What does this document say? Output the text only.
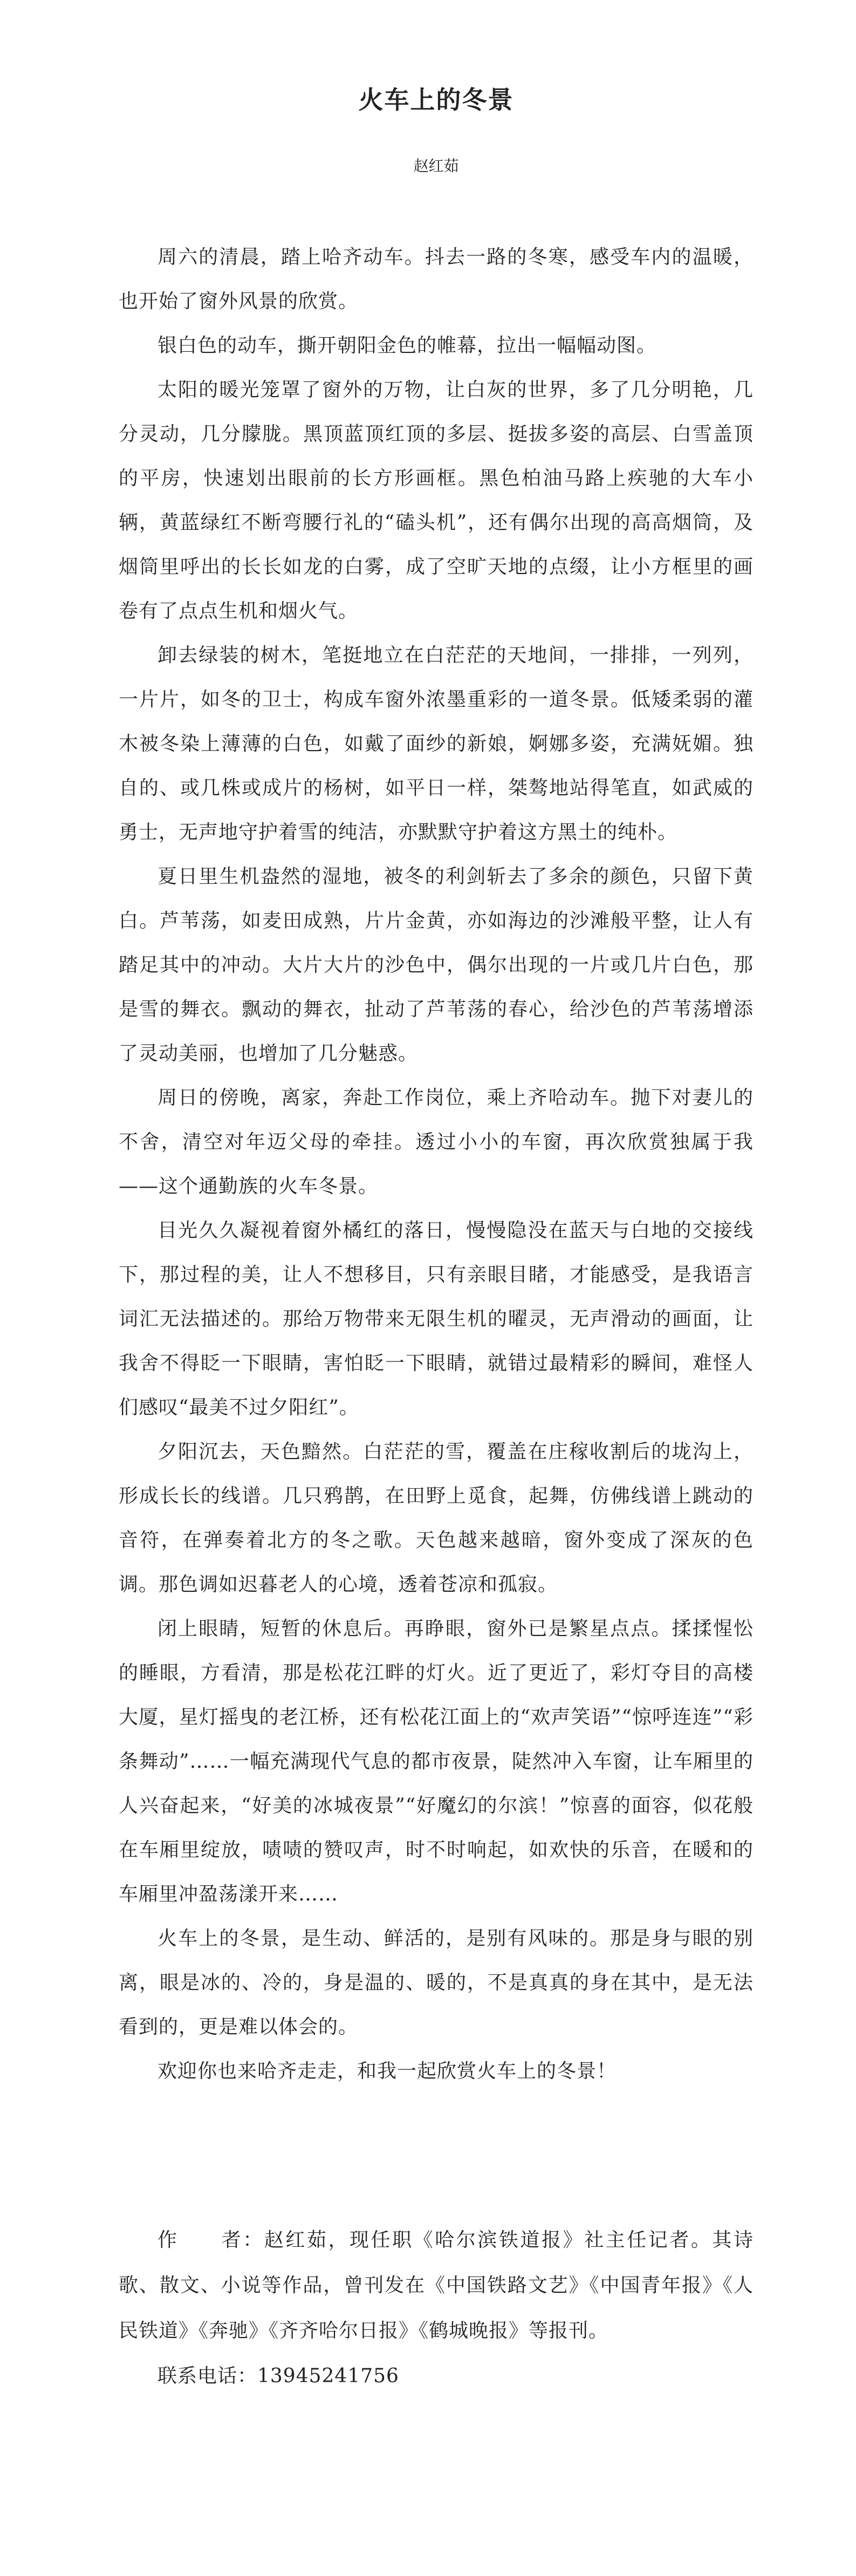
火车上的冬景
赵红茹

周六的清晨，踏上哈齐动车。抖去一路的冬寒，感受车内的温暖，也开始了窗外风景的欣赏。

银白色的动车，撕开朝阳金色的帷幕，拉出一幅幅动图。

太阳的暖光笼罩了窗外的万物，让白灰的世界，多了几分明艳，几分灵动，几分朦胧。黑顶蓝顶红顶的多层、挺拔多姿的高层、白雪盖顶的平房，快速划出眼前的长方形画框。黑色柏油马路上疾驰的大车小辆，黄蓝绿红不断弯腰行礼的“磕头机”，还有偶尔出现的高高烟筒，及烟筒里呼出的长长如龙的白雾，成了空旷天地的点缀，让小方框里的画卷有了点点生机和烟火气。

卸去绿装的树木，笔挺地立在白茫茫的天地间，一排排，一列列，一片片，如冬的卫士，构成车窗外浓墨重彩的一道冬景。低矮柔弱的灌木被冬染上薄薄的白色，如戴了面纱的新娘，婀娜多姿，充满妩媚。独自的、或几株或成片的杨树，如平日一样，桀骜地站得笔直，如武威的勇士，无声地守护着雪的纯洁，亦默默守护着这方黑土的纯朴。

夏日里生机盎然的湿地，被冬的利剑斩去了多余的颜色，只留下黄白。芦苇荡，如麦田成熟，片片金黄，亦如海边的沙滩般平整，让人有踏足其中的冲动。大片大片的沙色中，偶尔出现的一片或几片白色，那是雪的舞衣。飘动的舞衣，扯动了芦苇荡的春心，给沙色的芦苇荡增添了灵动美丽，也增加了几分魅惑。

周日的傍晚，离家，奔赴工作岗位，乘上齐哈动车。抛下对妻儿的不舍，清空对年迈父母的牵挂。透过小小的车窗，再次欣赏独属于我——这个通勤族的火车冬景。

目光久久凝视着窗外橘红的落日，慢慢隐没在蓝天与白地的交接线下，那过程的美，让人不想移目，只有亲眼目睹，才能感受，是我语言词汇无法描述的。那给万物带来无限生机的曜灵，无声滑动的画面，让我舍不得眨一下眼睛，害怕眨一下眼睛，就错过最精彩的瞬间，难怪人们感叹“最美不过夕阳红”。

夕阳沉去，天色黯然。白茫茫的雪，覆盖在庄稼收割后的垅沟上，形成长长的线谱。几只鸦鹊，在田野上觅食，起舞，仿佛线谱上跳动的音符，在弹奏着北方的冬之歌。天色越来越暗，窗外变成了深灰的色调。那色调如迟暮老人的心境，透着苍凉和孤寂。

闭上眼睛，短暂的休息后。再睁眼，窗外已是繁星点点。揉揉惺忪的睡眼，方看清，那是松花江畔的灯火。近了更近了，彩灯夺目的高楼大厦，星灯摇曳的老江桥，还有松花江面上的“欢声笑语”“惊呼连连”“彩条舞动”……一幅充满现代气息的都市夜景，陡然冲入车窗，让车厢里的人兴奋起来，“好美的冰城夜景”“好魔幻的尔滨！”惊喜的面容，似花般在车厢里绽放，啧啧的赞叹声，时不时响起，如欢快的乐音，在暖和的车厢里冲盈荡漾开来……

火车上的冬景，是生动、鲜活的，是别有风味的。那是身与眼的别离，眼是冰的、冷的，身是温的、暖的，不是真真的身在其中，是无法看到的，更是难以体会的。

欢迎你也来哈齐走走，和我一起欣赏火车上的冬景！

作　　者：赵红茹，现任职《哈尔滨铁道报》社主任记者。其诗歌、散文、小说等作品，曾刊发在《中国铁路文艺》《中国青年报》《人民铁道》《奔驰》《齐齐哈尔日报》《鹤城晚报》等报刊。

联系电话：13945241756
